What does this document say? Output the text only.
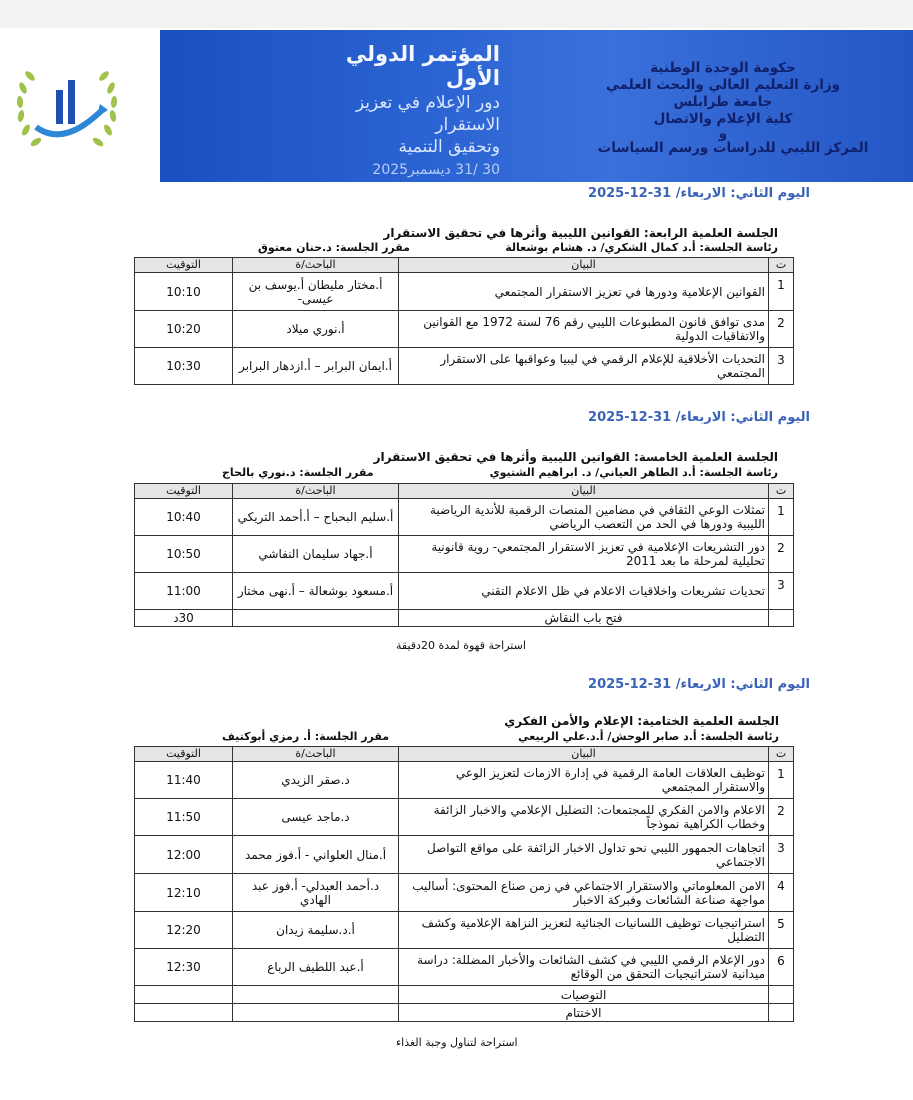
المؤتمر الدولي الأول
دور الإعلام في تعزيز الاستقرار
وتحقيق التنمية
30 /31 ديسمبر2025
حكومة الوحدة الوطنية
وزارة التعليم العالي والبحث العلمي
جامعة طرابلس
كلية الإعلام والاتصال
و
المركز الليبي للدراسات ورسم السياسات
اليوم الثاني: الاربعاء/ 31-12-2025
الجلسة العلمية الرابعة: القوانين الليبية وأثرها في تحقيق الاستقرار
رئاسة الجلسة: أ.د كمال الشكري/ د. هشام بوشعالة
مقرر الجلسة: د.حنان معتوق
ت	البيان	الباحث/ة	التوقيت
1	القوانين الإعلامية ودورها في تعزيز الاستقرار المجتمعي	أ.مختار مليطان أ.يوسف بن عيسى-	10:10
2	مدى توافق قانون المطبوعات الليبي رقم 76 لسنة 1972 مع القوانين والاتفاقيات الدولية	أ.نوري ميلاد	10:20
3	التحديات الأخلاقية للإعلام الرقمي في ليبيا وعواقبها على الاستقرار المجتمعي	أ.ايمان البرابر – أ.ازدهار البرابر	10:30
اليوم الثاني: الاربعاء/ 31-12-2025
الجلسة العلمية الخامسة: القوانين الليبية وأثرها في تحقيق الاستقرار
رئاسة الجلسة: أ.د الطاهر العياني/ د. ابراهيم الشتيوي
مقرر الجلسة: د.نوري بالحاج
ت	البيان	الباحث/ة	التوقيت
1	تمثلات الوعي الثقافي في مضامين المنصات الرقمية للأندية الرياضية الليبية ودورها في الحد من التعصب الرياضي	أ.سليم البحباح – أ.أحمد التريكي	10:40
2	دور التشريعات الإعلامية في تعزيز الاستقرار المجتمعي- روية قانونية تحليلية لمرحلة ما بعد 2011	أ.جهاد سليمان النفاشي	10:50
3	تحديات تشريعات واخلاقيات الاعلام في ظل الاعلام التقني	أ.مسعود بوشعالة – أ.نهى مختار	11:00
	فتح باب النقاش		30د
استراحة قهوة لمدة 20دقيقة
اليوم الثاني: الاربعاء/ 31-12-2025
الجلسة العلمية الختامية: الإعلام والأمن الفكري
رئاسة الجلسة: أ.د صابر الوحش/ أ.د.علي الربيعي
مقرر الجلسة: أ. رمزي أبوكتيف
ت	البيان	الباحث/ة	التوقيت
1	توظيف العلاقات العامة الرقمية في إدارة الازمات لتعزيز الوعي والاستقرار المجتمعي	د.صقر الزيدي	11:40
2	الاعلام والامن الفكري للمجتمعات: التضليل الإعلامي والاخبار الزائفة وخطاب الكراهية نموذجاً	د.ماجد عيسى	11:50
3	اتجاهات الجمهور الليبي نحو تداول الاخبار الزائفة على مواقع التواصل الاجتماعي	أ.منال العلواني - أ.فوز محمد	12:00
4	الامن المعلوماتي والاستقرار الاجتماعي في زمن صناع المحتوى: أساليب مواجهة صناعة الشائعات وفبركة الاخبار	د.أحمد العبدلي- أ.فوز عبد الهادي	12:10
5	استراتيجيات توظيف اللسانيات الجنائية لتعزيز النزاهة الإعلامية وكشف التضليل	أ.د.سليمة زيدان	12:20
6	دور الإعلام الرقمي الليبي في كشف الشائعات والأخبار المضللة: دراسة ميدانية لاستراتيجيات التحقق من الوقائع	أ.عبد اللطيف الرباع	12:30
	التوصيات		
	الاختتام		
استراحة لتناول وجبة الغذاء
